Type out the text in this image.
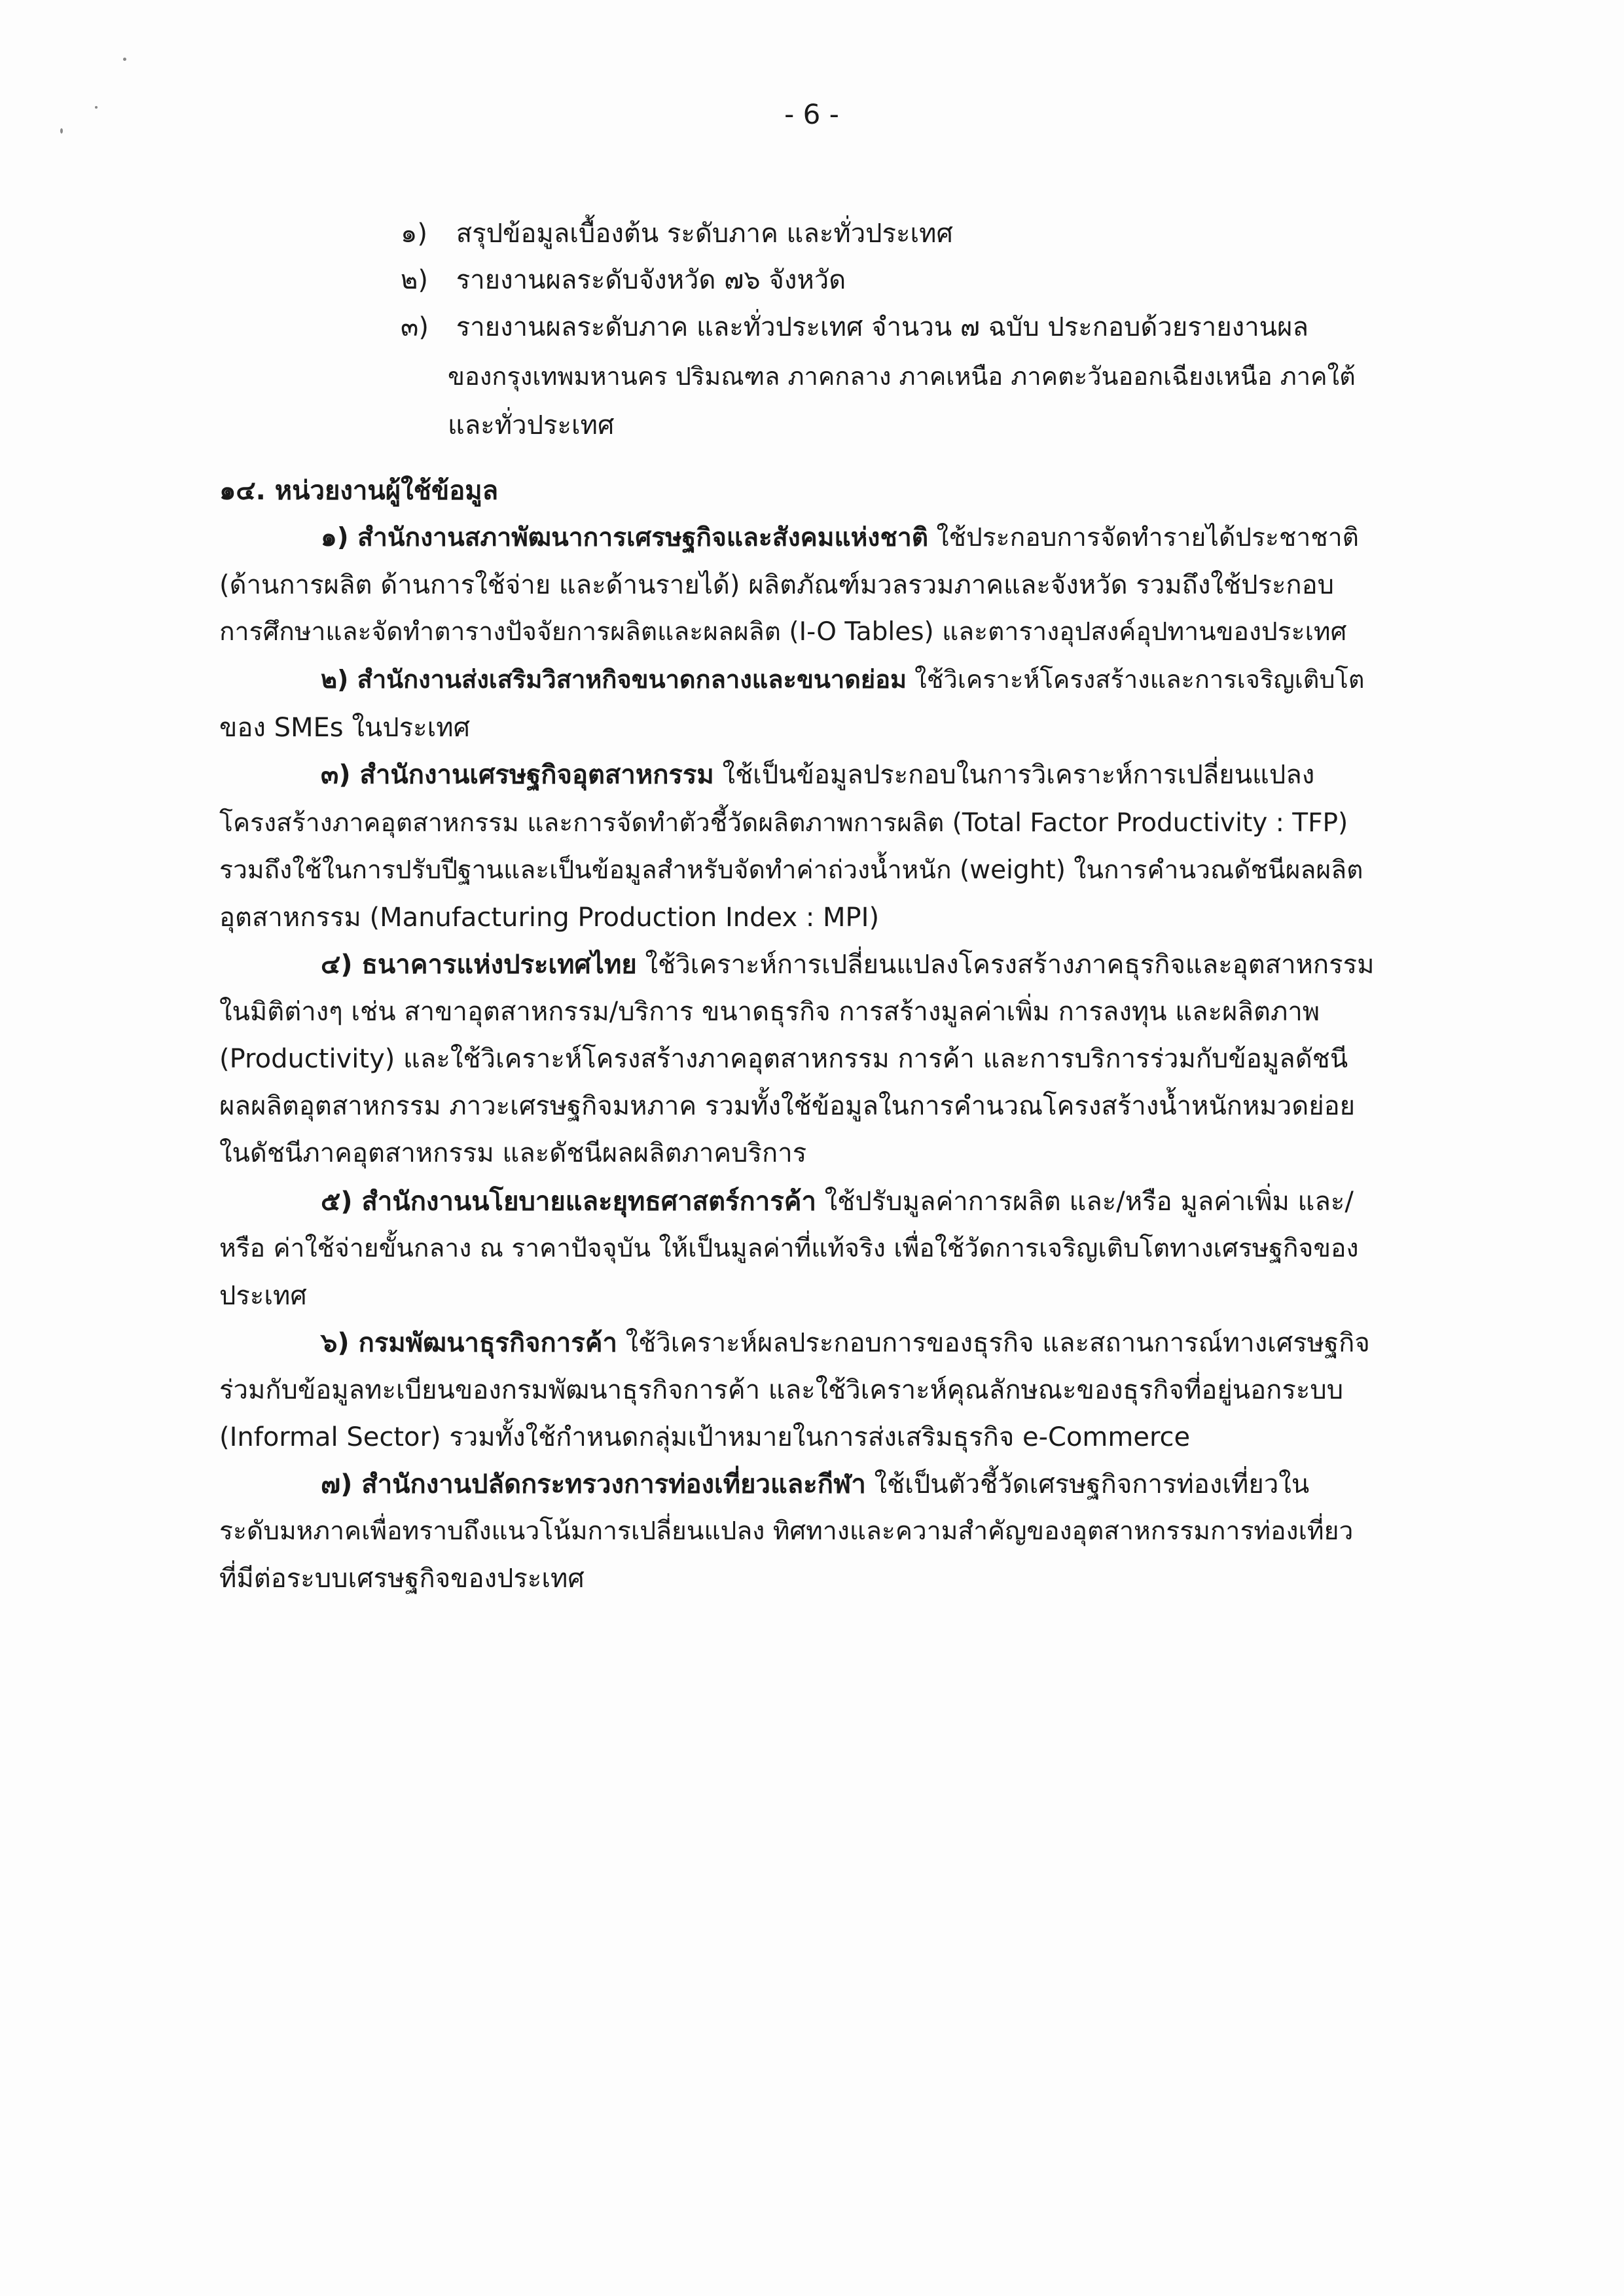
- 6 -
๑) สรุปข้อมูลเบื้องต้น ระดับภาค และทั่วประเทศ
๒) รายงานผลระดับจังหวัด ๗๖ จังหวัด
๓) รายงานผลระดับภาค และทั่วประเทศ จำนวน ๗ ฉบับ ประกอบด้วยรายงานผล
ของกรุงเทพมหานคร ปริมณฑล ภาคกลาง ภาคเหนือ ภาคตะวันออกเฉียงเหนือ ภาคใต้
และทั่วประเทศ
๑๔. หน่วยงานผู้ใช้ข้อมูล
๑) สำนักงานสภาพัฒนาการเศรษฐกิจและสังคมแห่งชาติ ใช้ประกอบการจัดทำรายได้ประชาชาติ
(ด้านการผลิต ด้านการใช้จ่าย และด้านรายได้) ผลิตภัณฑ์มวลรวมภาคและจังหวัด รวมถึงใช้ประกอบ
การศึกษาและจัดทำตารางปัจจัยการผลิตและผลผลิต (I-O Tables) และตารางอุปสงค์อุปทานของประเทศ
๒) สำนักงานส่งเสริมวิสาหกิจขนาดกลางและขนาดย่อม ใช้วิเคราะห์โครงสร้างและการเจริญเติบโต
ของ SMEs ในประเทศ
๓) สำนักงานเศรษฐกิจอุตสาหกรรม ใช้เป็นข้อมูลประกอบในการวิเคราะห์การเปลี่ยนแปลง
โครงสร้างภาคอุตสาหกรรม และการจัดทำตัวชี้วัดผลิตภาพการผลิต (Total Factor Productivity : TFP)
รวมถึงใช้ในการปรับปีฐานและเป็นข้อมูลสำหรับจัดทำค่าถ่วงน้ำหนัก (weight) ในการคำนวณดัชนีผลผลิต
อุตสาหกรรม (Manufacturing Production Index : MPI)
๔) ธนาคารแห่งประเทศไทย ใช้วิเคราะห์การเปลี่ยนแปลงโครงสร้างภาคธุรกิจและอุตสาหกรรม
ในมิติต่างๆ เช่น สาขาอุตสาหกรรม/บริการ ขนาดธุรกิจ การสร้างมูลค่าเพิ่ม การลงทุน และผลิตภาพ
(Productivity) และใช้วิเคราะห์โครงสร้างภาคอุตสาหกรรม การค้า และการบริการร่วมกับข้อมูลดัชนี
ผลผลิตอุตสาหกรรม ภาวะเศรษฐกิจมหภาค รวมทั้งใช้ข้อมูลในการคำนวณโครงสร้างน้ำหนักหมวดย่อย
ในดัชนีภาคอุตสาหกรรม และดัชนีผลผลิตภาคบริการ
๕) สำนักงานนโยบายและยุทธศาสตร์การค้า ใช้ปรับมูลค่าการผลิต และ/หรือ มูลค่าเพิ่ม และ/
หรือ ค่าใช้จ่ายขั้นกลาง ณ ราคาปัจจุบัน ให้เป็นมูลค่าที่แท้จริง เพื่อใช้วัดการเจริญเติบโตทางเศรษฐกิจของ
ประเทศ
๖) กรมพัฒนาธุรกิจการค้า ใช้วิเคราะห์ผลประกอบการของธุรกิจ และสถานการณ์ทางเศรษฐกิจ
ร่วมกับข้อมูลทะเบียนของกรมพัฒนาธุรกิจการค้า และใช้วิเคราะห์คุณลักษณะของธุรกิจที่อยู่นอกระบบ
(Informal Sector) รวมทั้งใช้กำหนดกลุ่มเป้าหมายในการส่งเสริมธุรกิจ e-Commerce
๗) สำนักงานปลัดกระทรวงการท่องเที่ยวและกีฬา ใช้เป็นตัวชี้วัดเศรษฐกิจการท่องเที่ยวใน
ระดับมหภาคเพื่อทราบถึงแนวโน้มการเปลี่ยนแปลง ทิศทางและความสำคัญของอุตสาหกรรมการท่องเที่ยว
ที่มีต่อระบบเศรษฐกิจของประเทศ
